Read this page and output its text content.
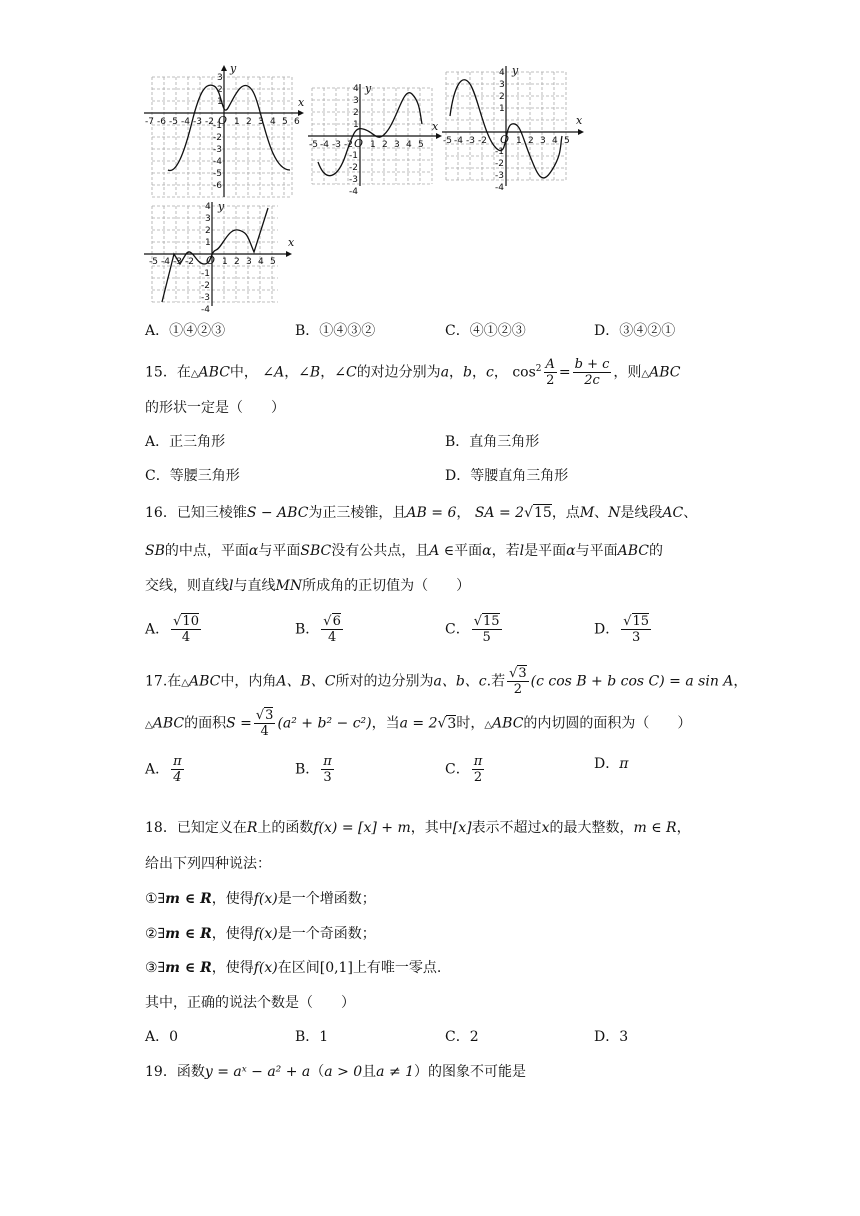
y
x
O
-7 -6 -5 -4 -3 -2 1 2 3 4 5 6
3
2
1
-1
-2
-3
-4
-5
-6
y
x
O
-5 -4 -3 -2 1 2 3 4 5
4
3
2
1
-1
-2
-3
-4
y
x
O
-5 -4 -3 -2	1 2 3 4 5
4
3
2
1
-1
-2
-3
-4
y
x
O
-5 -4 -3 -2	1 2 3 4 5
4
3
2
1
-1
-2
-3
-4
A．①④②③	B．①④③②	C．④①②③	D．③④②①
15．在△ABC中， ∠A，∠B，∠C的对边分别为a，b，c， $\cos^2 \frac{A}{2} = \frac{b + c}{2c}$ ，则△ABC
的形状一定是（　　）
A．正三角形	B．直角三角形
C．等腰三角形	D．等腰直角三角形
16．已知三棱锥S − ABC为正三棱锥，且AB = 6， SA = 2√15，点M、N是线段AC、
SB的中点，平面α与平面SBC没有公共点，且A ∈平面α，若l是平面α与平面ABC的
交线，则直线l与直线MN所成角的正切值为（　　）
A． $\frac{√10}{4}$	B． $\frac{√6}{4}$	C． $\frac{√15}{5}$	D． $\frac{√15}{3}$
17.在△ABC中，内角A、B、C所对的边分别为a、b、c.若 $\frac{√3}{2} (c$ cos B + b cos C) = a sin A，
△ABC的面积$S = \frac{√3}{4} (a^2 + b^2 - c^2)$，当a = 2√3时，△ABC的内切圆的面积为（　　）
A． $\frac{\pi}{4}$	B． $\frac{\pi}{3}$	C． $\frac{\pi}{2}$	D．π
18．已知定义在R上的函数f(x) = [x] + m，其中[x]表示不超过x的最大整数，m ∈ R，
给出下列四种说法：
①∃m ∈ R，使得f(x)是一个增函数；
②∃m ∈ R，使得f(x)是一个奇函数；
③∃m ∈ R，使得f(x)在区间[0,1]上有唯一零点.
其中，正确的说法个数是（　　）
A．0	B．1	C．2	D．3
19．函数y = aˣ − a² + a（a > 0且a ≠ 1）的图象不可能是
